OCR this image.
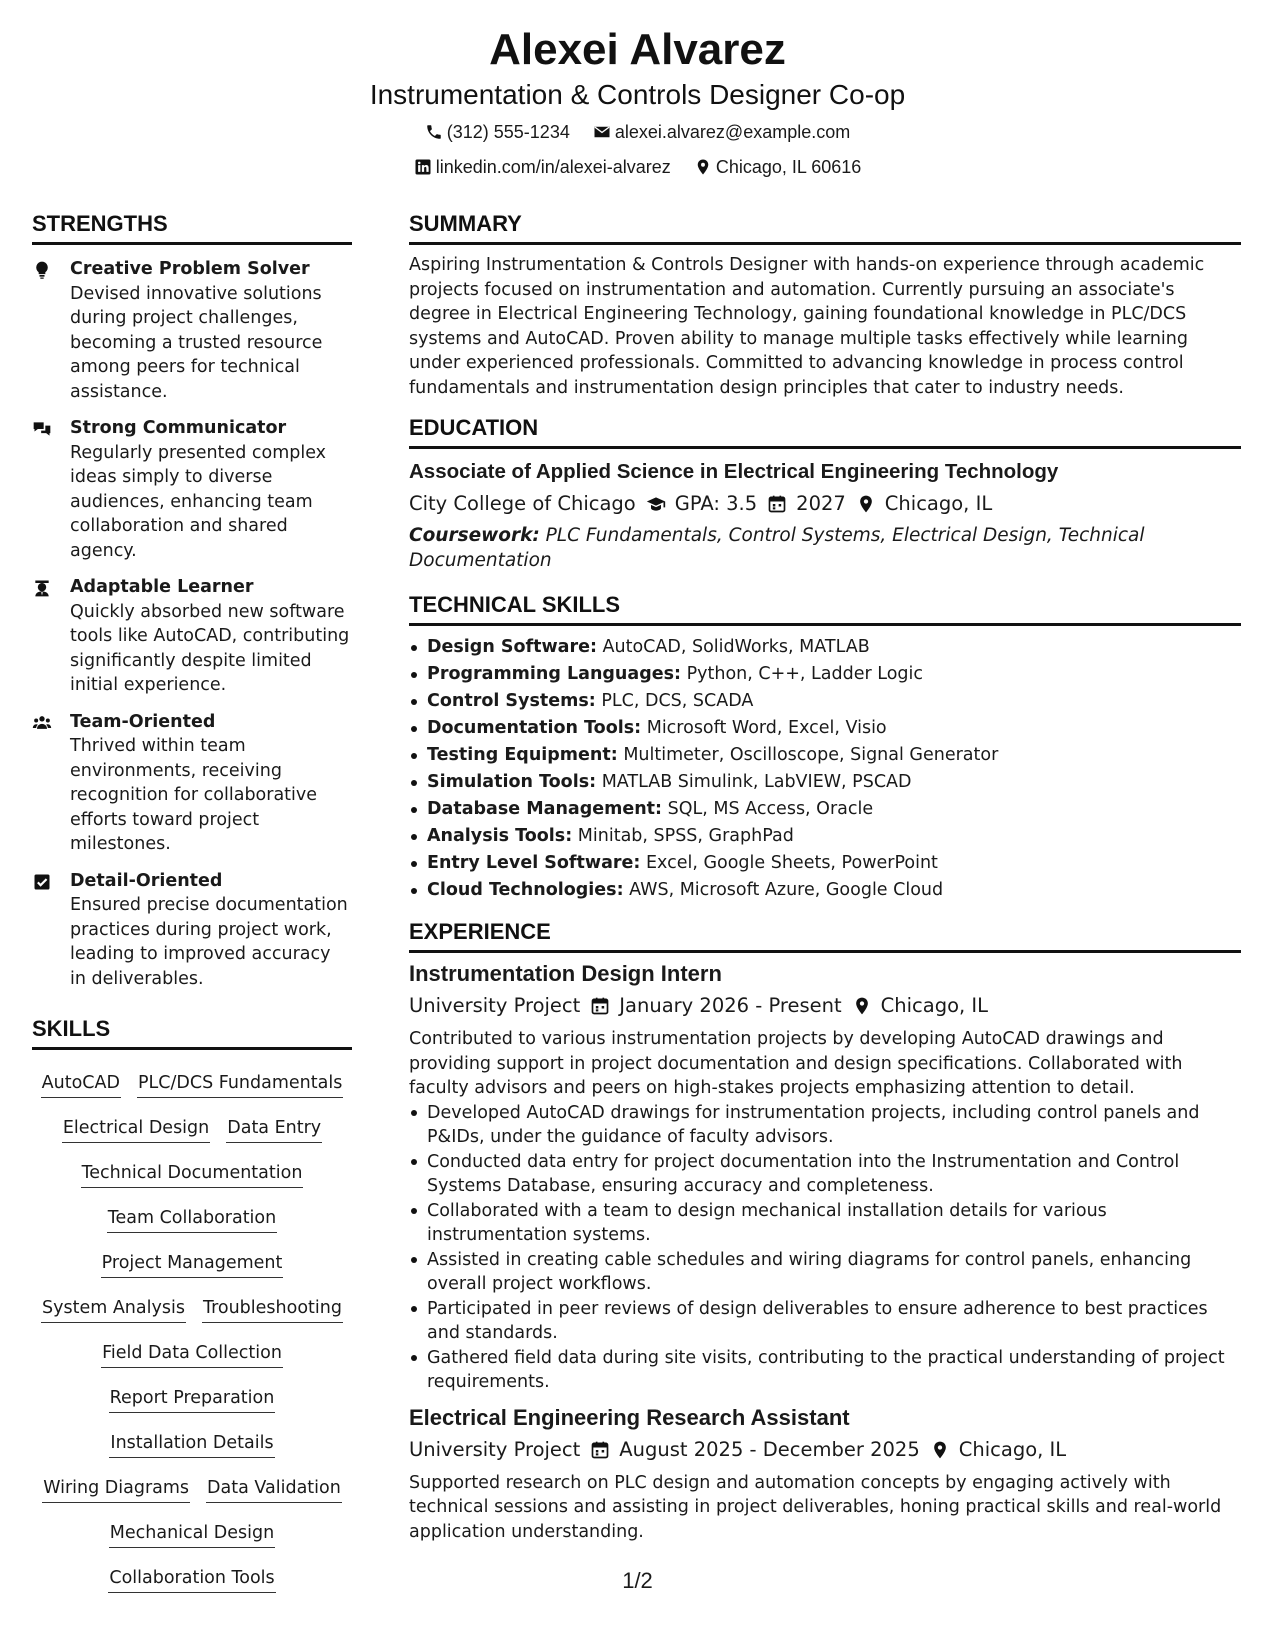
Alexei Alvarez
Instrumentation & Controls Designer Co-op
(312) 555-1234
	alexei.alvarez@example.com
linkedin.com/in/alexei-alvarez
	Chicago, IL 60616
STRENGTHS
Creative Problem Solver
Devised innovative solutions during project challenges, becoming a trusted resource among peers for technical assistance.
Strong Communicator
Regularly presented complex ideas simply to diverse audiences, enhancing team collaboration and shared agency.
Adaptable Learner
Quickly absorbed new software tools like AutoCAD, contributing significantly despite limited initial experience.
Team-Oriented
Thrived within team environments, receiving recognition for collaborative efforts toward project milestones.
Detail-Oriented
Ensured precise documentation practices during project work, leading to improved accuracy in deliverables.
SKILLS
AutoCAD PLC/DCS Fundamentals
Electrical Design Data Entry
Technical Documentation
Team Collaboration
Project Management
System Analysis Troubleshooting
Field Data Collection
Report Preparation
Installation Details
Wiring Diagrams Data Validation
Mechanical Design
Collaboration Tools
SUMMARY
Aspiring Instrumentation & Controls Designer with hands-on experience through academic projects focused on instrumentation and automation. Currently pursuing an associate's degree in Electrical Engineering Technology, gaining foundational knowledge in PLC/DCS systems and AutoCAD. Proven ability to manage multiple tasks effectively while learning under experienced professionals. Committed to advancing knowledge in process control fundamentals and instrumentation design principles that cater to industry needs.
EDUCATION
Associate of Applied Science in Electrical Engineering Technology
City College of Chicago GPA: 3.5 2027 Chicago, IL
Coursework: PLC Fundamentals, Control Systems, Electrical Design, Technical Documentation
TECHNICAL SKILLS
Design Software: AutoCAD, SolidWorks, MATLAB
Programming Languages: Python, C++, Ladder Logic
Control Systems: PLC, DCS, SCADA
Documentation Tools: Microsoft Word, Excel, Visio
Testing Equipment: Multimeter, Oscilloscope, Signal Generator
Simulation Tools: MATLAB Simulink, LabVIEW, PSCAD
Database Management: SQL, MS Access, Oracle
Analysis Tools: Minitab, SPSS, GraphPad
Entry Level Software: Excel, Google Sheets, PowerPoint
Cloud Technologies: AWS, Microsoft Azure, Google Cloud
EXPERIENCE
Instrumentation Design Intern
University Project January 2026 - Present Chicago, IL
Contributed to various instrumentation projects by developing AutoCAD drawings and providing support in project documentation and design specifications. Collaborated with faculty advisors and peers on high-stakes projects emphasizing attention to detail.
Developed AutoCAD drawings for instrumentation projects, including control panels and P&IDs, under the guidance of faculty advisors.
Conducted data entry for project documentation into the Instrumentation and Control Systems Database, ensuring accuracy and completeness.
Collaborated with a team to design mechanical installation details for various instrumentation systems.
Assisted in creating cable schedules and wiring diagrams for control panels, enhancing overall project workflows.
Participated in peer reviews of design deliverables to ensure adherence to best practices and standards.
Gathered field data during site visits, contributing to the practical understanding of project requirements.
Electrical Engineering Research Assistant
University Project August 2025 - December 2025 Chicago, IL
Supported research on PLC design and automation concepts by engaging actively with technical sessions and assisting in project deliverables, honing practical skills and real-world application understanding.
1/2
